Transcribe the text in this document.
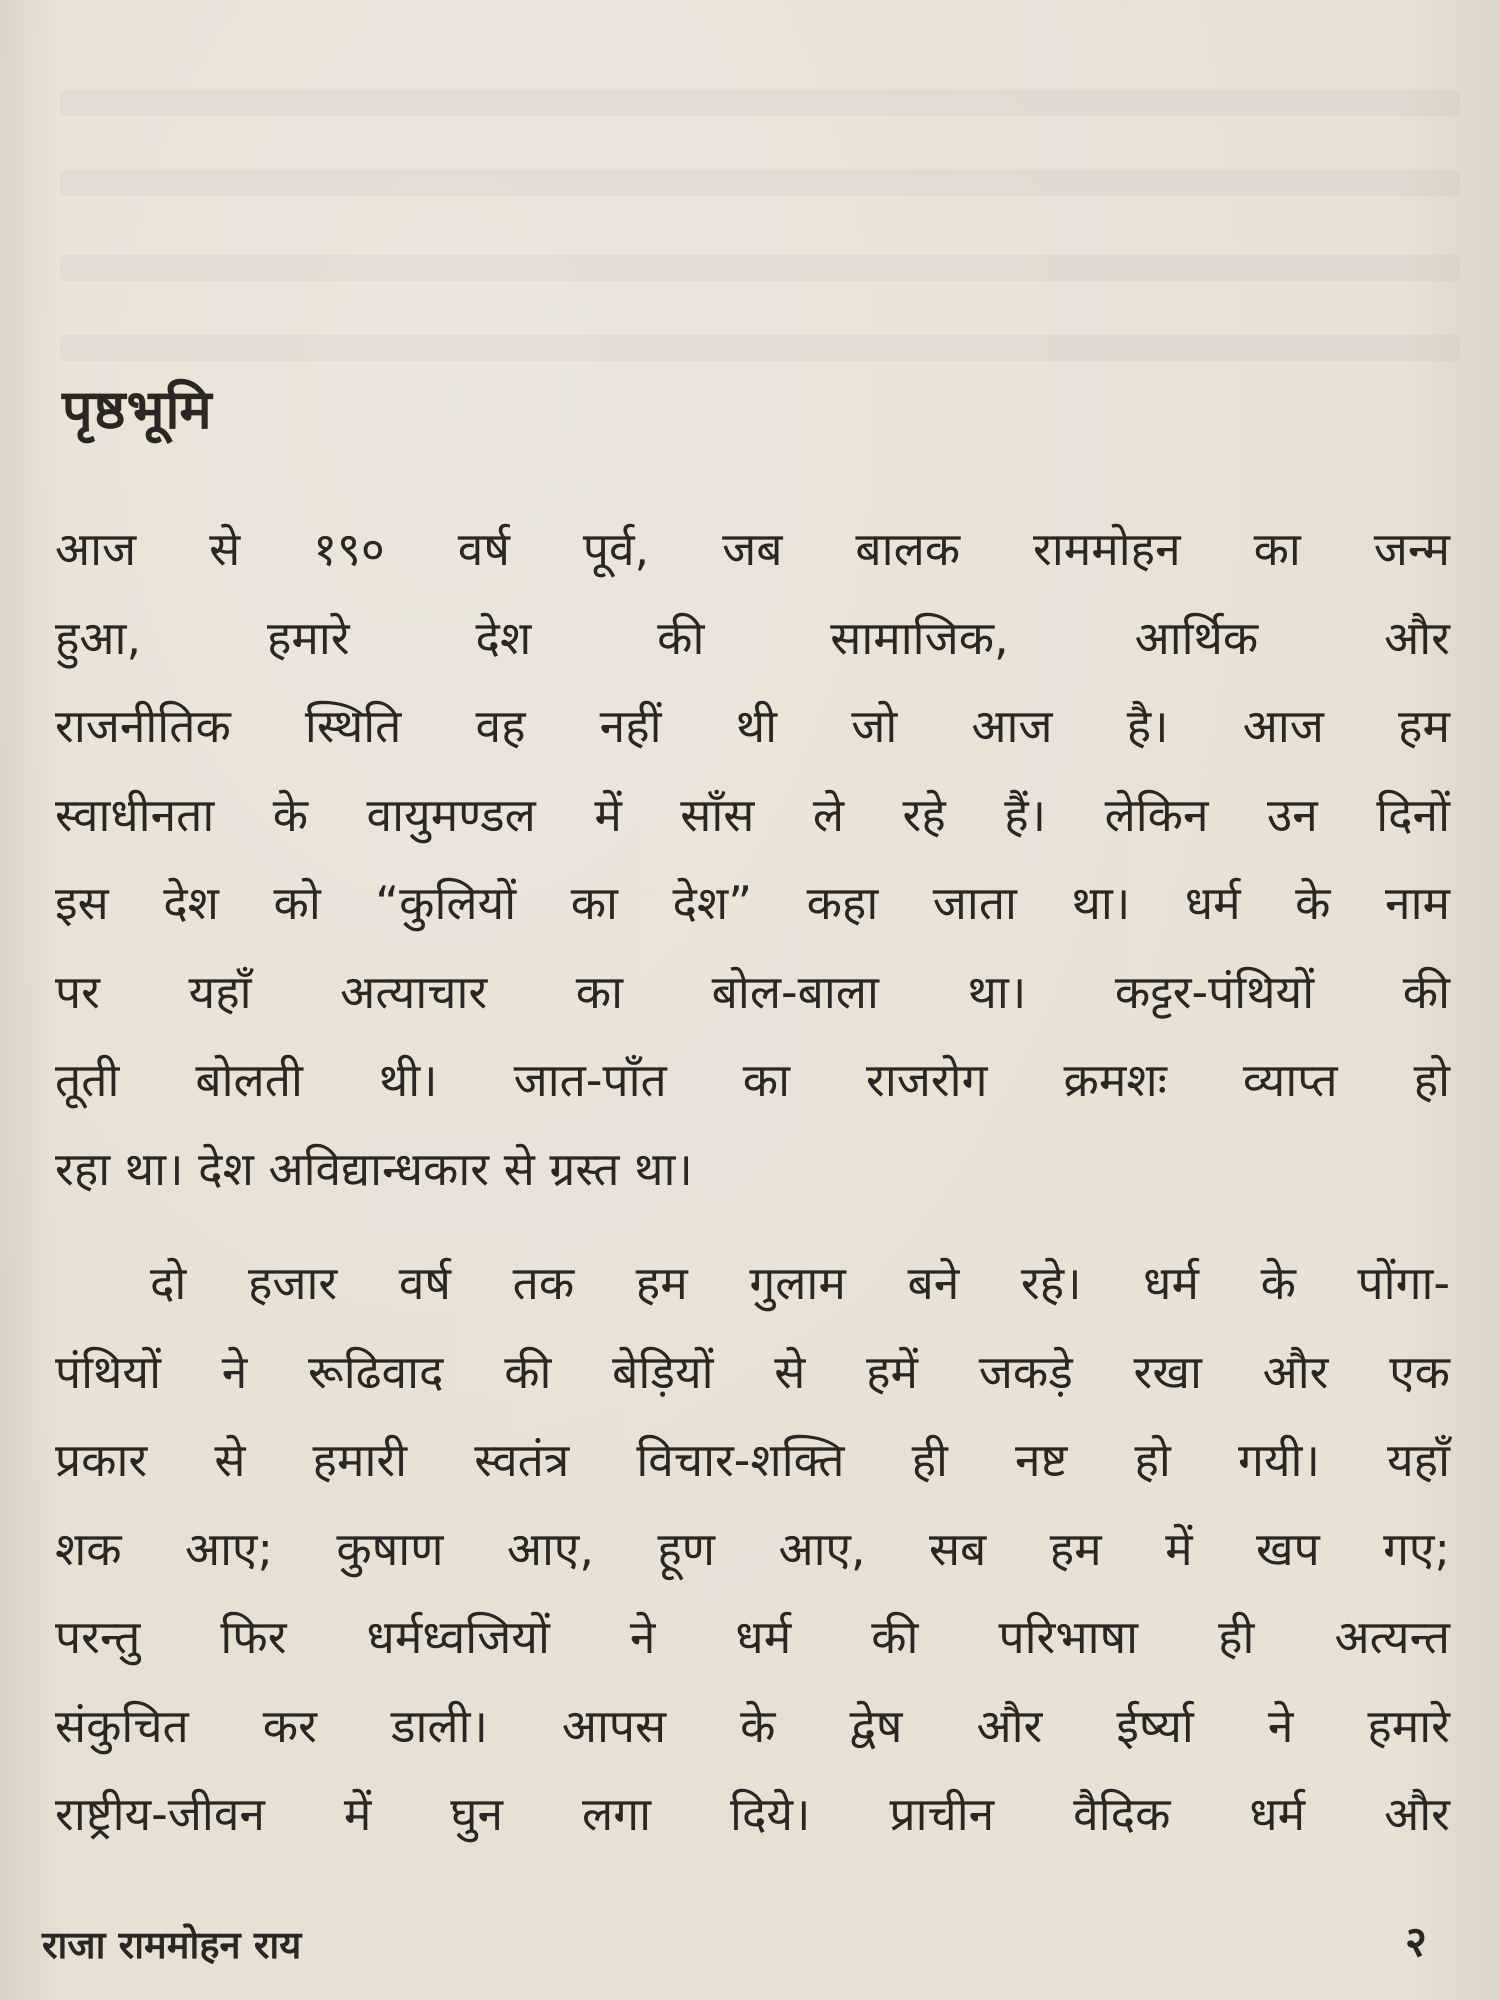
पृष्ठभूमि
आज से १९० वर्ष पूर्व, जब बालक राममोहन का जन्म
हुआ, हमारे देश की सामाजिक, आर्थिक और
राजनीतिक स्थिति वह नहीं थी जो आज है। आज हम
स्वाधीनता के वायुमण्डल में साँस ले रहे हैं। लेकिन उन दिनों
इस देश को “कुलियों का देश” कहा जाता था। धर्म के नाम
पर यहाँ अत्याचार का बोल-बाला था। कट्टर-पंथियों की
तूती बोलती थी। जात-पाँत का राजरोग क्रमशः व्याप्त हो
रहा था। देश अविद्यान्धकार से ग्रस्त था।
दो हजार वर्ष तक हम गुलाम बने रहे। धर्म के पोंगा-
पंथियों ने रूढिवाद की बेड़ियों से हमें जकड़े रखा और एक
प्रकार से हमारी स्वतंत्र विचार-शक्ति ही नष्ट हो गयी। यहाँ
शक आए; कुषाण आए, हूण आए, सब हम में खप गए;
परन्तु फिर धर्मध्वजियों ने धर्म की परिभाषा ही अत्यन्त
संकुचित कर डाली। आपस के द्वेष और ईर्ष्या ने हमारे
राष्ट्रीय-जीवन में घुन लगा दिये। प्राचीन वैदिक धर्म और
राजा राममोहन राय	२
